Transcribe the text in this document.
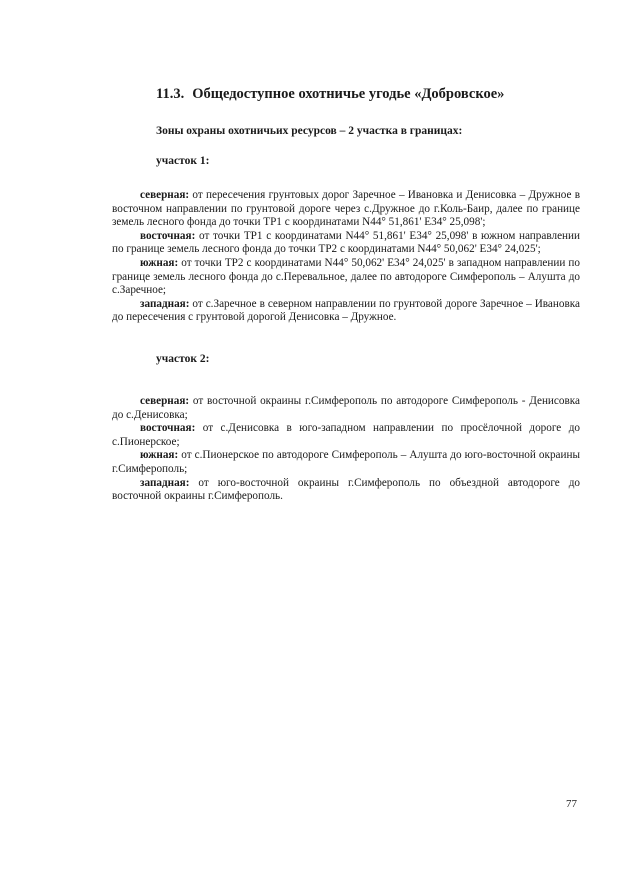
11.3. Общедоступное охотничье угодье «Добровское»

Зоны охраны охотничьих ресурсов – 2 участка в границах:

участок 1:

северная: от пересечения грунтовых дорог Заречное – Ивановка и Денисовка – Дружное в восточном направлении по грунтовой дороге через с.Дружное до г.Коль-Баир, далее по границе земель лесного фонда до точки ТР1 с координатами N44° 51,861' E34° 25,098';

восточная: от точки ТР1 с координатами N44° 51,861' E34° 25,098' в южном направлении по границе земель лесного фонда до точки ТР2 с координатами N44° 50,062' E34° 24,025';

южная: от точки ТР2 с координатами N44° 50,062' E34° 24,025' в западном направлении по границе земель лесного фонда до с.Перевальное, далее по автодороге Симферополь – Алушта до с.Заречное;

западная: от с.Заречное в северном направлении по грунтовой дороге Заречное – Ивановка до пересечения с грунтовой дорогой Денисовка – Дружное.

участок 2:

северная: от восточной окраины г.Симферополь по автодороге Симферополь - Денисовка до с.Денисовка;

восточная: от с.Денисовка в юго-западном направлении по просёлочной дороге до с.Пионерское;

южная: от с.Пионерское по автодороге Симферополь – Алушта до юго-восточной окраины г.Симферополь;

западная: от юго-восточной окраины г.Симферополь по объездной автодороге до восточной окраины г.Симферополь.

77
